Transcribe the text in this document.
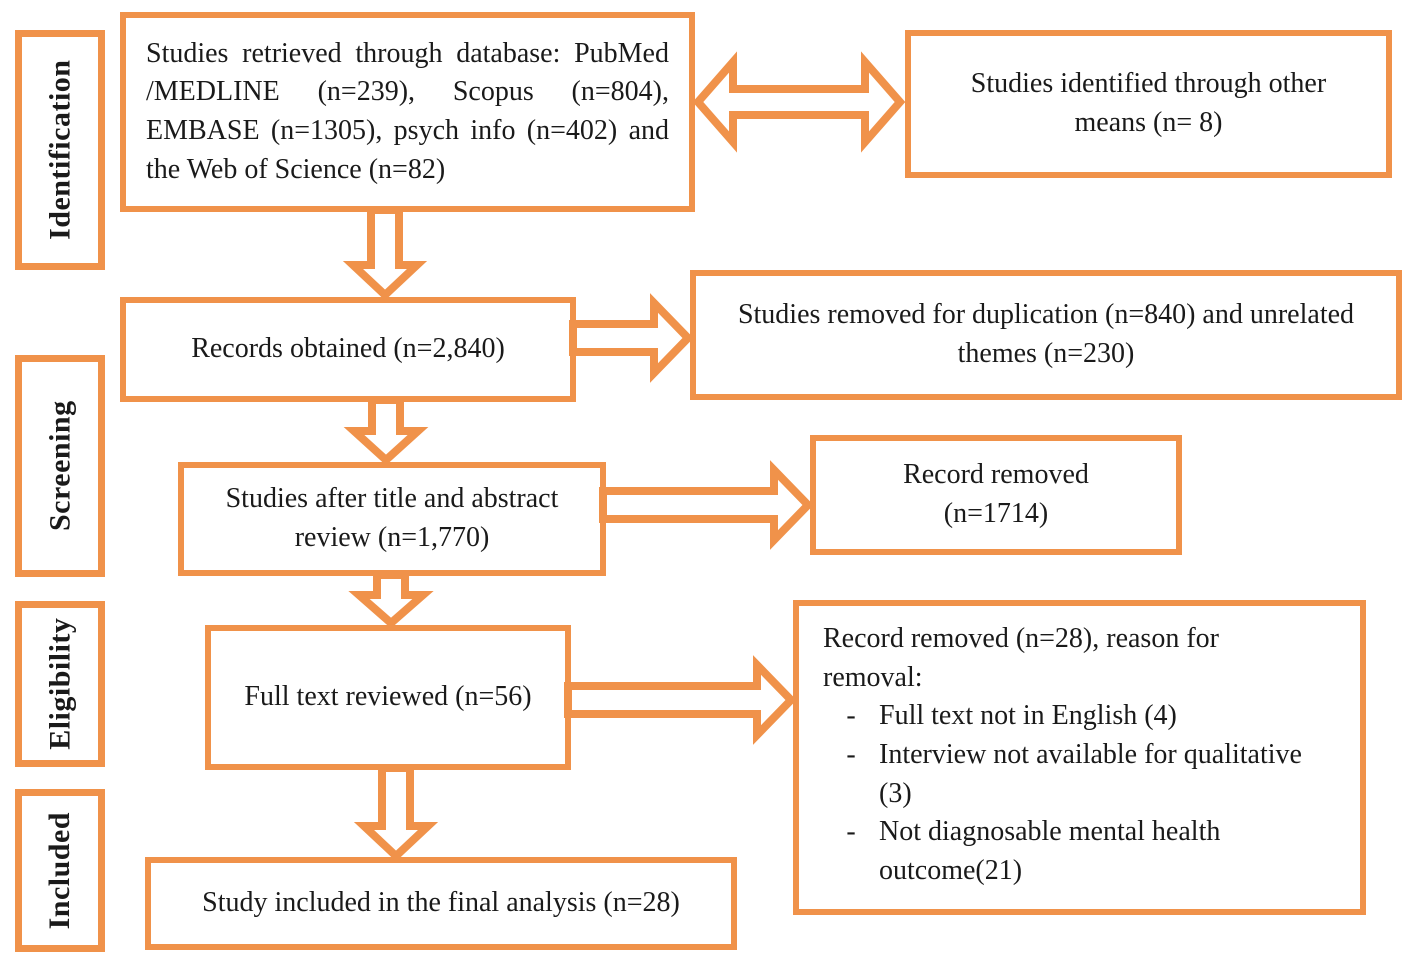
Identification
Screening
Eligibility
Included
Studies retrieved through database: PubMed /MEDLINE (n=239), Scopus (n=804), EMBASE (n=1305), psych info (n=402) and the Web of Science (n=82)
Studies identified through other means (n= 8)
Records obtained (n=2,840)
Studies removed for duplication (n=840) and unrelated themes (n=230)
Studies after title and abstract review (n=1,770)
Record removed
(n=1714)
Full text reviewed (n=56)
Record removed (n=28), reason for
removal:
- Full text not in English (4)
- Interview not available for qualitative (3)
- Not diagnosable mental health outcome(21)
Study included in the final analysis (n=28)
